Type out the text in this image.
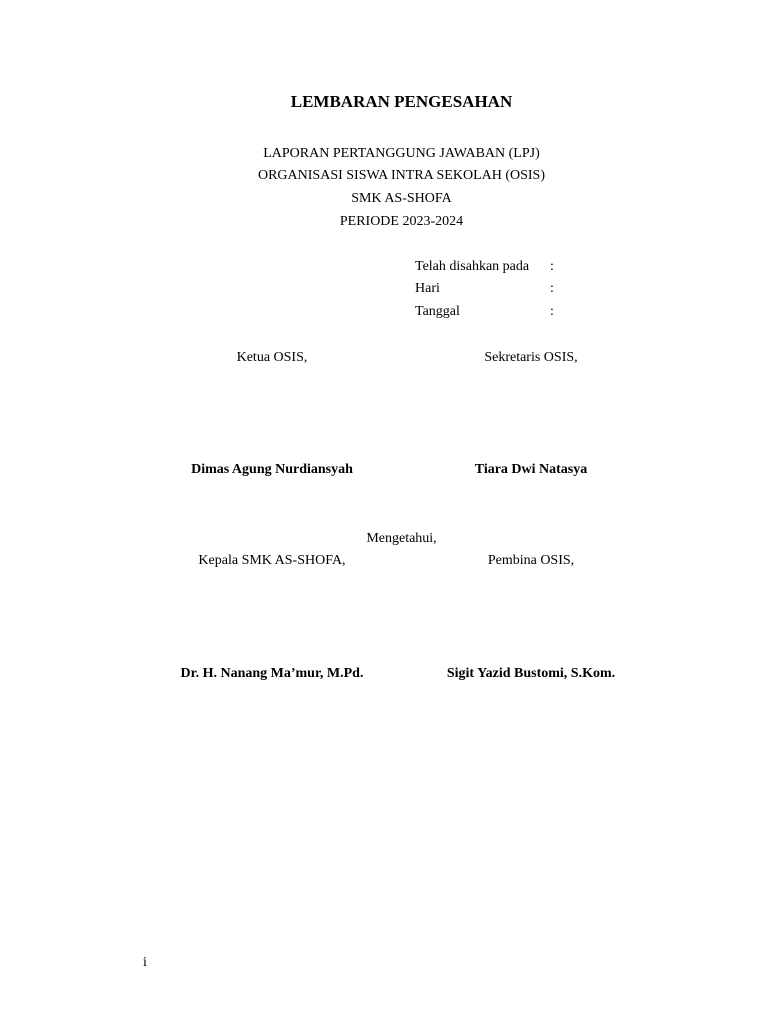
LEMBARAN PENGESAHAN
LAPORAN PERTANGGUNG JAWABAN (LPJ)
ORGANISASI SISWA INTRA SEKOLAH (OSIS)
SMK AS-SHOFA
PERIODE 2023-2024
Telah disahkan pada :
Hari	:
Tanggal	:
Ketua OSIS,	Sekretaris OSIS,
Dimas Agung Nurdiansyah	Tiara Dwi Natasya
Mengetahui,
Kepala SMK AS-SHOFA,	Pembina OSIS,
Dr. H. Nanang Ma’mur, M.Pd.	Sigit Yazid Bustomi, S.Kom.
i
